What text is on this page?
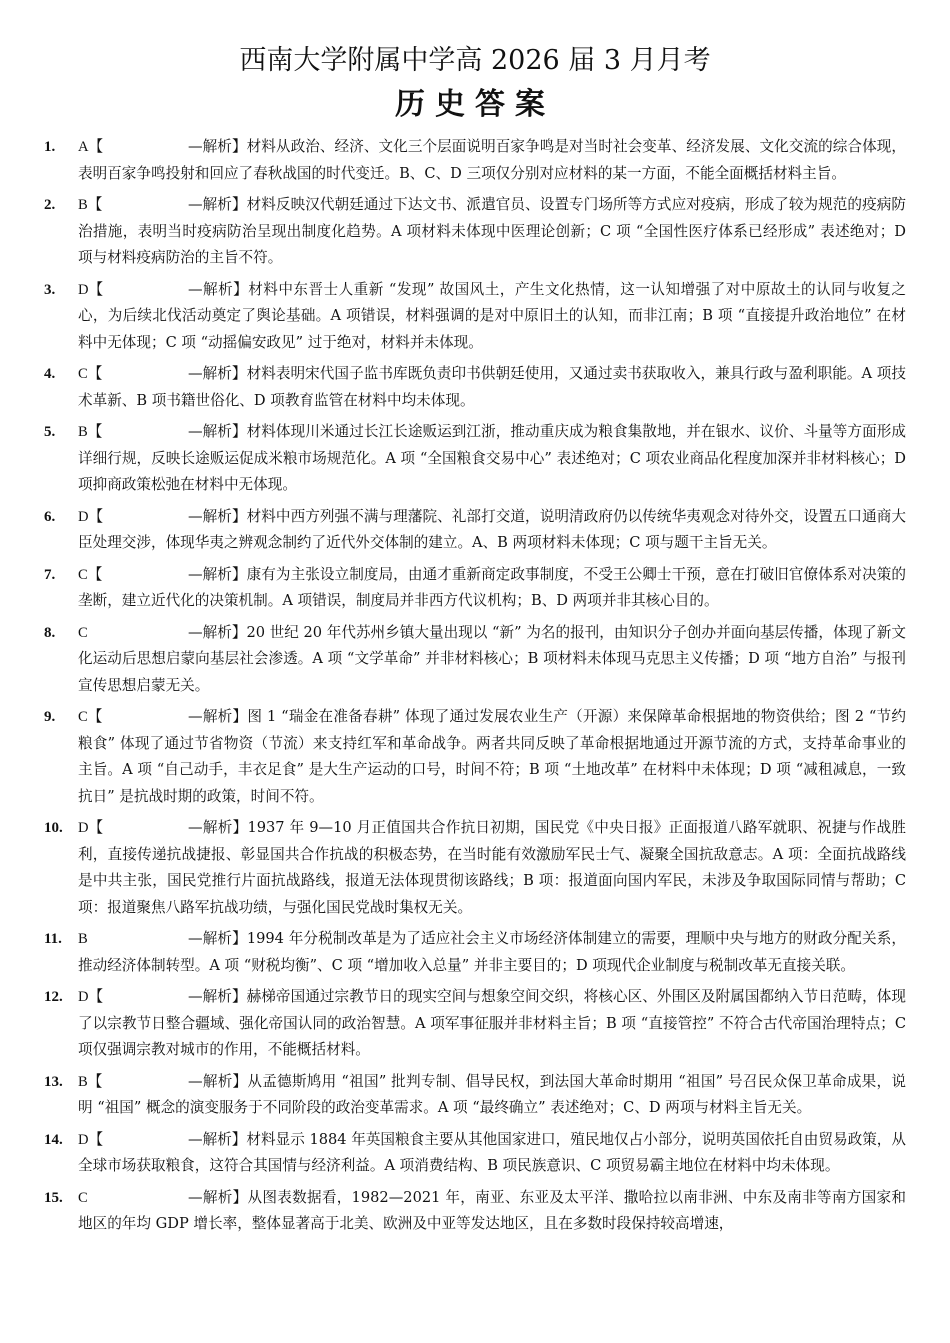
西南大学附属中学高 2026 届 3 月月考
历史答案
1.	A【	—解析】材料从政治、经济、文化三个层面说明百家争鸣是对当时社会变革、经济发展、文化交流的综合体现，表明百家争鸣投射和回应了春秋战国的时代变迁。B、C、D 三项仅分别对应材料的某一方面，不能全面概括材料主旨。
2.	B【	—解析】材料反映汉代朝廷通过下达文书、派遣官员、设置专门场所等方式应对疫病，形成了较为规范的疫病防治措施，表明当时疫病防治呈现出制度化趋势。A 项材料未体现中医理论创新；C 项 “全国性医疗体系已经形成” 表述绝对；D 项与材料疫病防治的主旨不符。
3.	D【	—解析】材料中东晋士人重新 “发现” 故国风土，产生文化热情，这一认知增强了对中原故土的认同与收复之心，为后续北伐活动奠定了舆论基础。A 项错误，材料强调的是对中原旧土的认知，而非江南；B 项 “直接提升政治地位” 在材料中无体现；C 项 “动摇偏安政见” 过于绝对，材料并未体现。
4.	C【	—解析】材料表明宋代国子监书库既负责印书供朝廷使用，又通过卖书获取收入，兼具行政与盈利职能。A 项技术革新、B 项书籍世俗化、D 项教育监管在材料中均未体现。
5.	B【	—解析】材料体现川米通过长江长途贩运到江浙，推动重庆成为粮食集散地，并在银水、议价、斗量等方面形成详细行规，反映长途贩运促成米粮市场规范化。A 项 “全国粮食交易中心” 表述绝对；C 项农业商品化程度加深并非材料核心；D 项抑商政策松弛在材料中无体现。
6.	D【	—解析】材料中西方列强不满与理藩院、礼部打交道，说明清政府仍以传统华夷观念对待外交，设置五口通商大臣处理交涉，体现华夷之辨观念制约了近代外交体制的建立。A、B 两项材料未体现；C 项与题干主旨无关。
7.	C【	—解析】康有为主张设立制度局，由通才重新商定政事制度，不受王公卿士干预，意在打破旧官僚体系对决策的垄断，建立近代化的决策机制。A 项错误，制度局并非西方代议机构；B、D 两项并非其核心目的。
8.	C	—解析】20 世纪 20 年代苏州乡镇大量出现以 “新” 为名的报刊，由知识分子创办并面向基层传播，体现了新文化运动后思想启蒙向基层社会渗透。A 项 “文学革命” 并非材料核心；B 项材料未体现马克思主义传播；D 项 “地方自治” 与报刊宣传思想启蒙无关。
9.	C【	—解析】图 1 “瑞金在准备春耕” 体现了通过发展农业生产（开源）来保障革命根据地的物资供给；图 2 “节约粮食” 体现了通过节省物资（节流）来支持红军和革命战争。两者共同反映了革命根据地通过开源节流的方式，支持革命事业的主旨。A 项 “自己动手，丰衣足食” 是大生产运动的口号，时间不符；B 项 “土地改革” 在材料中未体现；D 项 “减租减息，一致抗日” 是抗战时期的政策，时间不符。
10.	D【	—解析】1937 年 9—10 月正值国共合作抗日初期，国民党《中央日报》正面报道八路军就职、祝捷与作战胜利，直接传递抗战捷报、彰显国共合作抗战的积极态势，在当时能有效激励军民士气、凝聚全国抗敌意志。A 项：全面抗战路线是中共主张，国民党推行片面抗战路线，报道无法体现贯彻该路线；B 项：报道面向国内军民，未涉及争取国际同情与帮助；C 项：报道聚焦八路军抗战功绩，与强化国民党战时集权无关。
11.	B	—解析】1994 年分税制改革是为了适应社会主义市场经济体制建立的需要，理顺中央与地方的财政分配关系，推动经济体制转型。A 项 “财税均衡”、C 项 “增加收入总量” 并非主要目的；D 项现代企业制度与税制改革无直接关联。
12.	D【	—解析】赫梯帝国通过宗教节日的现实空间与想象空间交织，将核心区、外围区及附属国都纳入节日范畴，体现了以宗教节日整合疆域、强化帝国认同的政治智慧。A 项军事征服并非材料主旨；B 项 “直接管控” 不符合古代帝国治理特点；C 项仅强调宗教对城市的作用，不能概括材料。
13.	B【	—解析】从孟德斯鸠用 “祖国” 批判专制、倡导民权，到法国大革命时期用 “祖国” 号召民众保卫革命成果，说明 “祖国” 概念的演变服务于不同阶段的政治变革需求。A 项 “最终确立” 表述绝对；C、D 两项与材料主旨无关。
14.	D【	—解析】材料显示 1884 年英国粮食主要从其他国家进口，殖民地仅占小部分，说明英国依托自由贸易政策，从全球市场获取粮食，这符合其国情与经济利益。A 项消费结构、B 项民族意识、C 项贸易霸主地位在材料中均未体现。
15.	C	—解析】从图表数据看，1982—2021 年，南亚、东亚及太平洋、撒哈拉以南非洲、中东及南非等南方国家和地区的年均 GDP 增长率，整体显著高于北美、欧洲及中亚等发达地区，且在多数时段保持较高增速，
